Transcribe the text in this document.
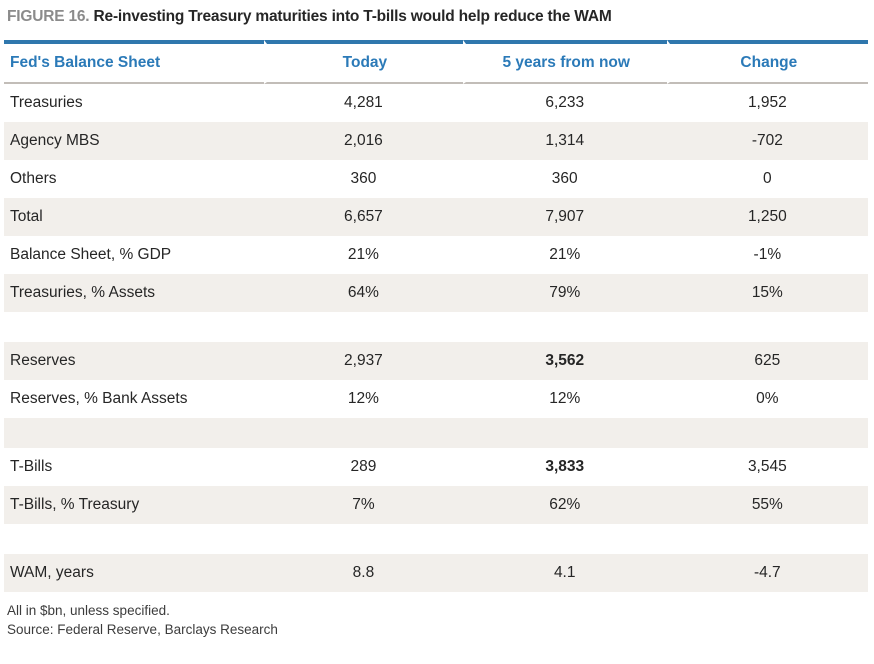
FIGURE 16. Re-investing Treasury maturities into T-bills would help reduce the WAM
Fed's Balance Sheet	Today	5 years from now	Change
Treasuries	4,281	6,233	1,952
Agency MBS	2,016	1,314	-702
Others	360	360	0
Total	6,657	7,907	1,250
Balance Sheet, % GDP	21%	21%	-1%
Treasuries, % Assets	64%	79%	15%

Reserves	2,937	3,562	625
Reserves, % Bank Assets	12%	12%	0%

T-Bills	289	3,833	3,545
T-Bills, % Treasury	7%	62%	55%

WAM, years	8.8	4.1	-4.7
All in $bn, unless specified.
Source: Federal Reserve, Barclays Research
